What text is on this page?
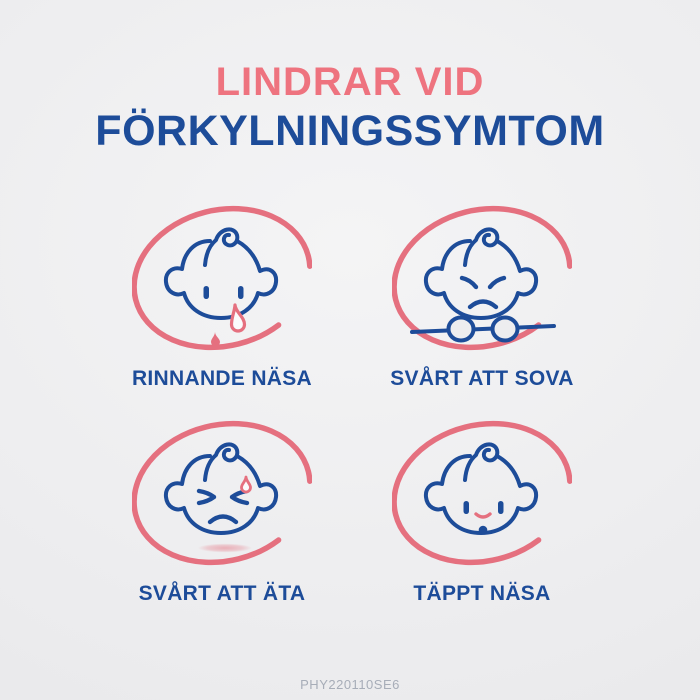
LINDRAR VID
FÖRKYLNINGSSYMTOM
RINNANDE NÄSA	SVÅRT ATT SOVA
SVÅRT ATT ÄTA	TÄPPT NÄSA
PHY220110SE6
